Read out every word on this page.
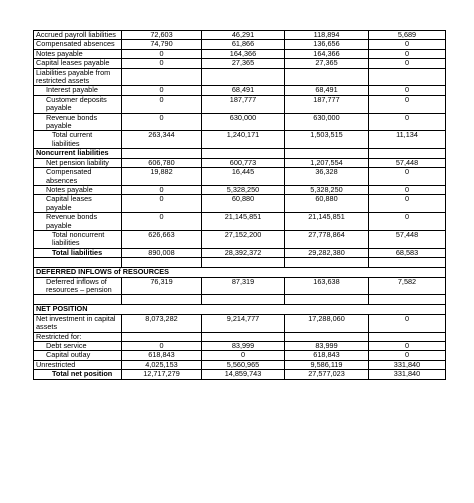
Accrued payroll liabilities	72,603	46,291	118,894	5,689
Compensated absences	74,790	61,866	136,656	0
Notes payable	0	164,366	164,366	0
Capital leases payable	0	27,365	27,365	0
Liabilities payable from restricted assets				
Interest payable	0	68,491	68,491	0
Customer deposits payable	0	187,777	187,777	0
Revenue bonds payable	0	630,000	630,000	0
Total current liabilities	263,344	1,240,171	1,503,515	11,134
Noncurrent liabilities				
Net pension liability	606,780	600,773	1,207,554	57,448
Compensated absences	19,882	16,445	36,328	0
Notes payable	0	5,328,250	5,328,250	0
Capital leases payable	0	60,880	60,880	0
Revenue bonds payable	0	21,145,851	21,145,851	0
Total noncurrent liabilities	626,663	27,152,200	27,778,864	57,448
Total liabilities	890,008	28,392,372	29,282,380	68,583

DEFERRED INFLOWS of RESOURCES				
Deferred inflows of resources – pension	76,319	87,319	163,638	7,582

NET POSITION				
Net investment in capital assets	8,073,282	9,214,777	17,288,060	0
Restricted for:				
Debt service	0	83,999	83,999	0
Capital outlay	618,843	0	618,843	0
Unrestricted	4,025,153	5,560,965	9,586,119	331,840
Total net position	12,717,279	14,859,743	27,577,023	331,840
